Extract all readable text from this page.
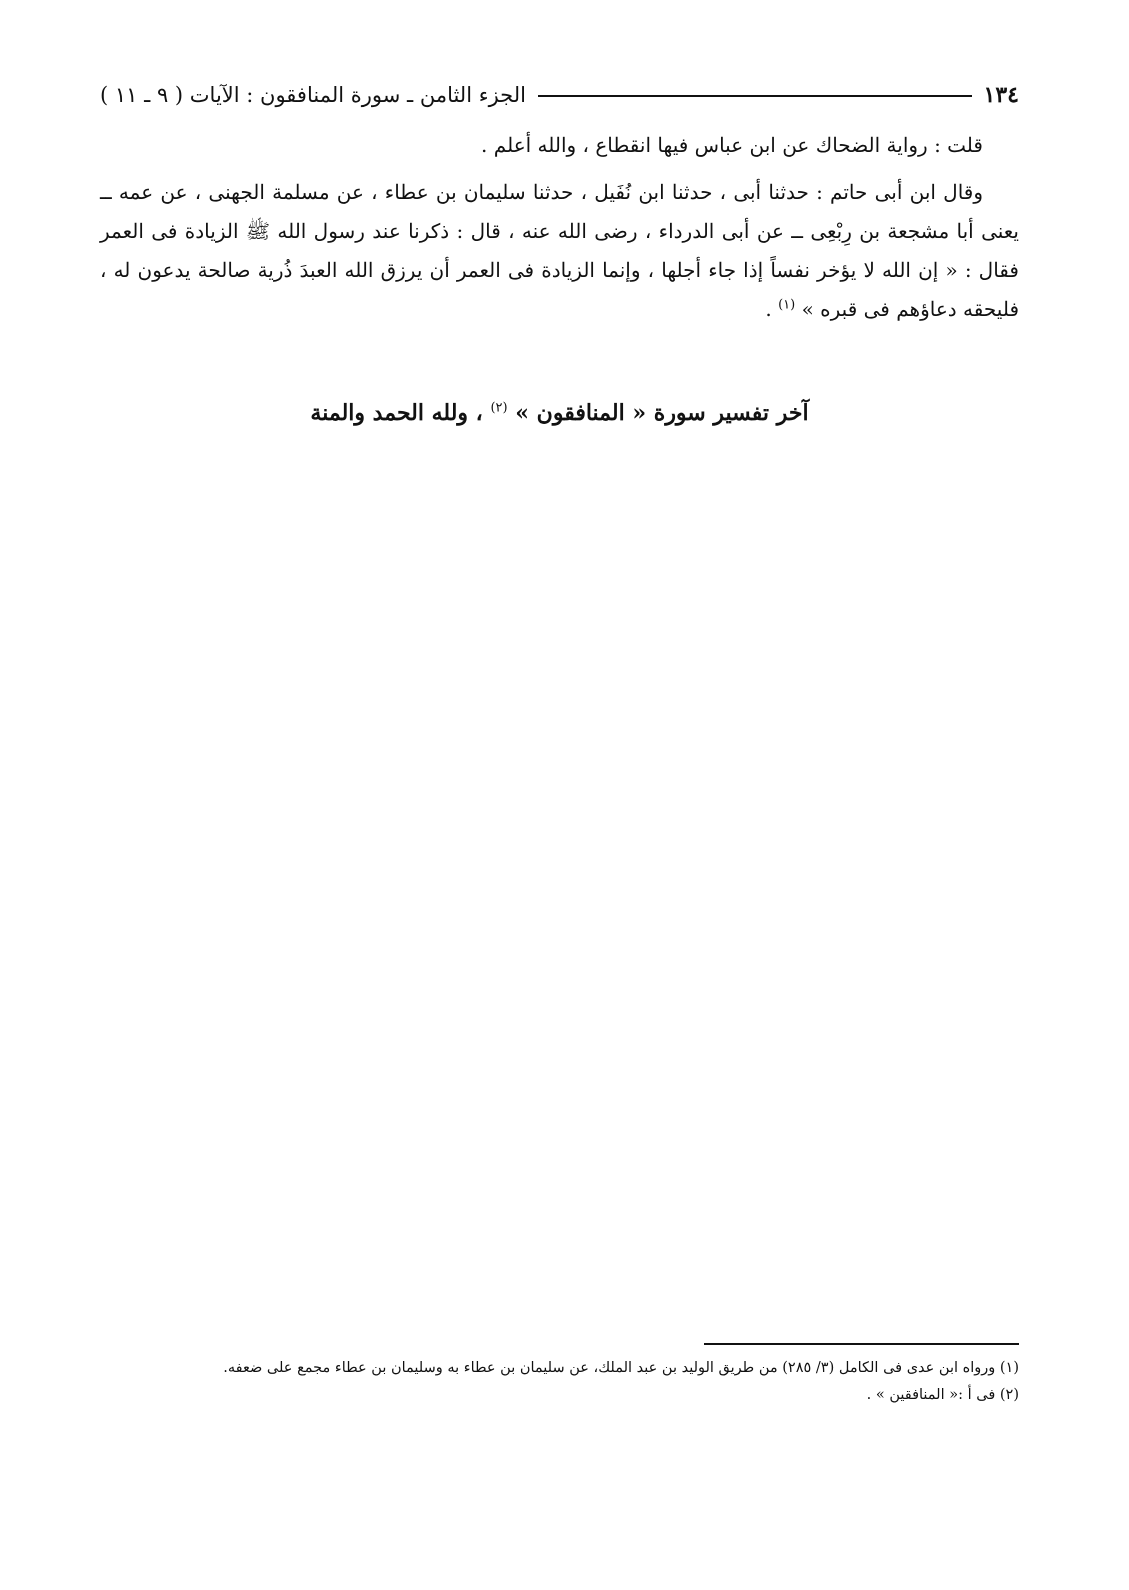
١٣٤
الجزء الثامن ـ سورة المنافقون : الآيات ( ٩ ـ ١١ )

قلت : رواية الضحاك عن ابن عباس فيها انقطاع ، والله أعلم .

وقال ابن أبى حاتم : حدثنا أبى ، حدثنا ابن نُفَيل ، حدثنا سليمان بن عطاء ، عن مسلمة الجهنى ، عن عمه ــ يعنى أبا مشجعة بن رِبْعِى ــ عن أبى الدرداء ، رضى الله عنه ، قال : ذكرنا عند رسول الله ﷺ الزيادة فى العمر فقال : « إن الله لا يؤخر نفساً إذا جاء أجلها ، وإنما الزيادة فى العمر أن يرزق الله العبدَ ذُرية صالحة يدعون له ، فليحقه دعاؤهم فى قبره » $^{(١)}$ .

آخر تفسير سورة « المنافقون » $^{(٢)}$ ، ولله الحمد والمنة

(١) ورواه ابن عدى فى الكامل (٣/ ٢٨٥) من طريق الوليد بن عبد الملك، عن سليمان بن عطاء به وسليمان بن عطاء مجمع على ضعفه.

(٢) فى أ :« المنافقين » .
